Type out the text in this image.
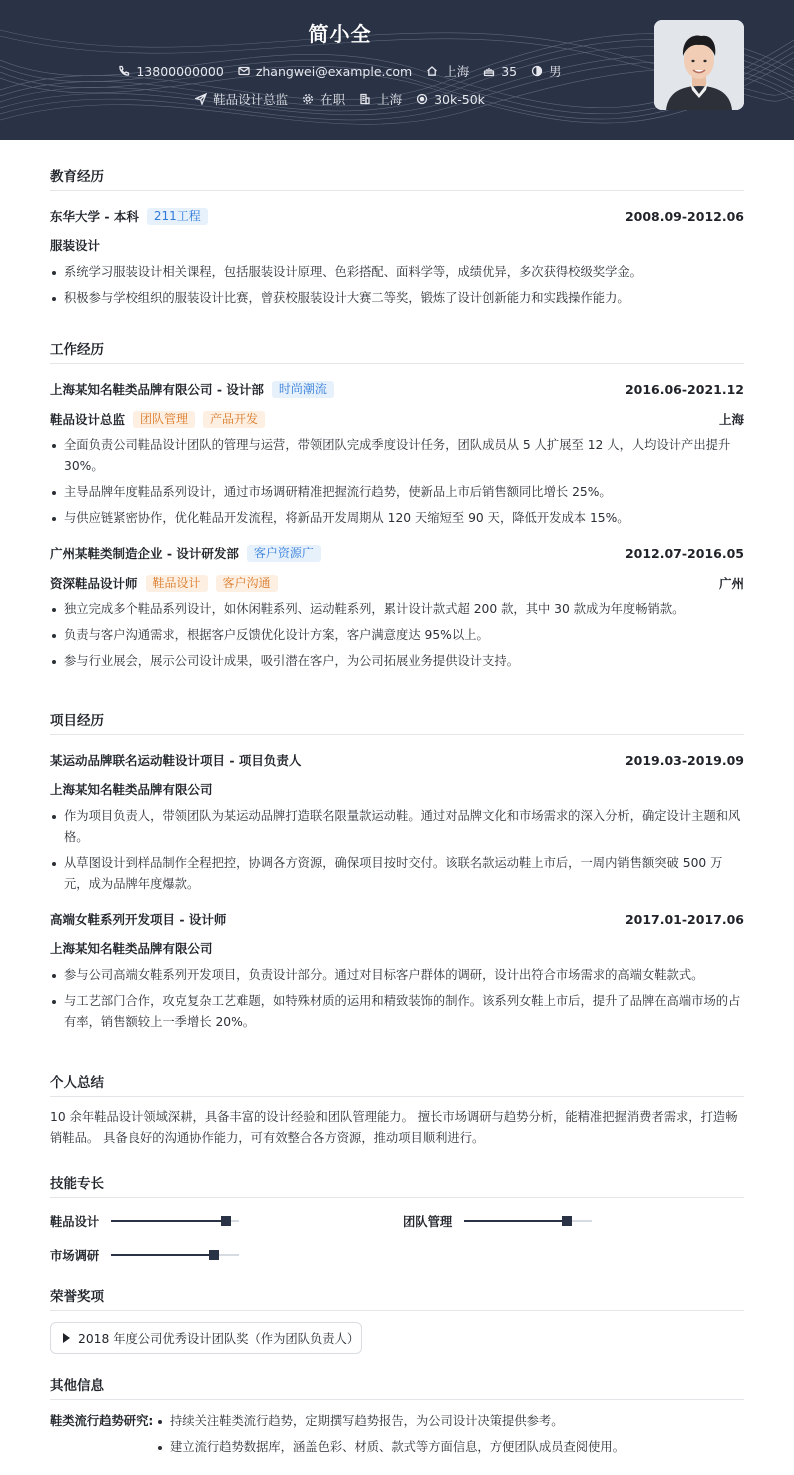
简小全
13800000000	zhangwei@example.com	上海	35	男
鞋品设计总监	在职	上海	30k-50k
教育经历
东华大学 - 本科	211工程	2008.09-2012.06
服装设计
系统学习服装设计相关课程，包括服装设计原理、色彩搭配、面料学等，成绩优异，多次获得校级奖学金。
积极参与学校组织的服装设计比赛，曾获校服装设计大赛二等奖，锻炼了设计创新能力和实践操作能力。
工作经历
上海某知名鞋类品牌有限公司 - 设计部	时尚潮流	2016.06-2021.12
鞋品设计总监	团队管理	产品开发	上海
全面负责公司鞋品设计团队的管理与运营，带领团队完成季度设计任务，团队成员从 5 人扩展至 12 人，人均设计产出提升 30%。
主导品牌年度鞋品系列设计，通过市场调研精准把握流行趋势，使新品上市后销售额同比增长 25%。
与供应链紧密协作，优化鞋品开发流程，将新品开发周期从 120 天缩短至 90 天，降低开发成本 15%。
广州某鞋类制造企业 - 设计研发部	客户资源广	2012.07-2016.05
资深鞋品设计师	鞋品设计	客户沟通	广州
独立完成多个鞋品系列设计，如休闲鞋系列、运动鞋系列，累计设计款式超 200 款，其中 30 款成为年度畅销款。
负责与客户沟通需求，根据客户反馈优化设计方案，客户满意度达 95%以上。
参与行业展会，展示公司设计成果，吸引潜在客户，为公司拓展业务提供设计支持。
项目经历
某运动品牌联名运动鞋设计项目 - 项目负责人	2019.03-2019.09
上海某知名鞋类品牌有限公司
作为项目负责人，带领团队为某运动品牌打造联名限量款运动鞋。通过对品牌文化和市场需求的深入分析，确定设计主题和风格。
从草图设计到样品制作全程把控，协调各方资源，确保项目按时交付。该联名款运动鞋上市后，一周内销售额突破 500 万元，成为品牌年度爆款。
高端女鞋系列开发项目 - 设计师	2017.01-2017.06
上海某知名鞋类品牌有限公司
参与公司高端女鞋系列开发项目，负责设计部分。通过对目标客户群体的调研，设计出符合市场需求的高端女鞋款式。
与工艺部门合作，攻克复杂工艺难题，如特殊材质的运用和精致装饰的制作。该系列女鞋上市后，提升了品牌在高端市场的占有率，销售额较上一季增长 20%。
个人总结
10 余年鞋品设计领域深耕，具备丰富的设计经验和团队管理能力。 擅长市场调研与趋势分析，能精准把握消费者需求，打造畅销鞋品。 具备良好的沟通协作能力，可有效整合各方资源，推动项目顺利进行。
技能专长
鞋品设计	团队管理
市场调研
荣誉奖项
2018 年度公司优秀设计团队奖（作为团队负责人）
其他信息
鞋类流行趋势研究:	持续关注鞋类流行趋势，定期撰写趋势报告，为公司设计决策提供参考。
建立流行趋势数据库，涵盖色彩、材质、款式等方面信息，方便团队成员查阅使用。
